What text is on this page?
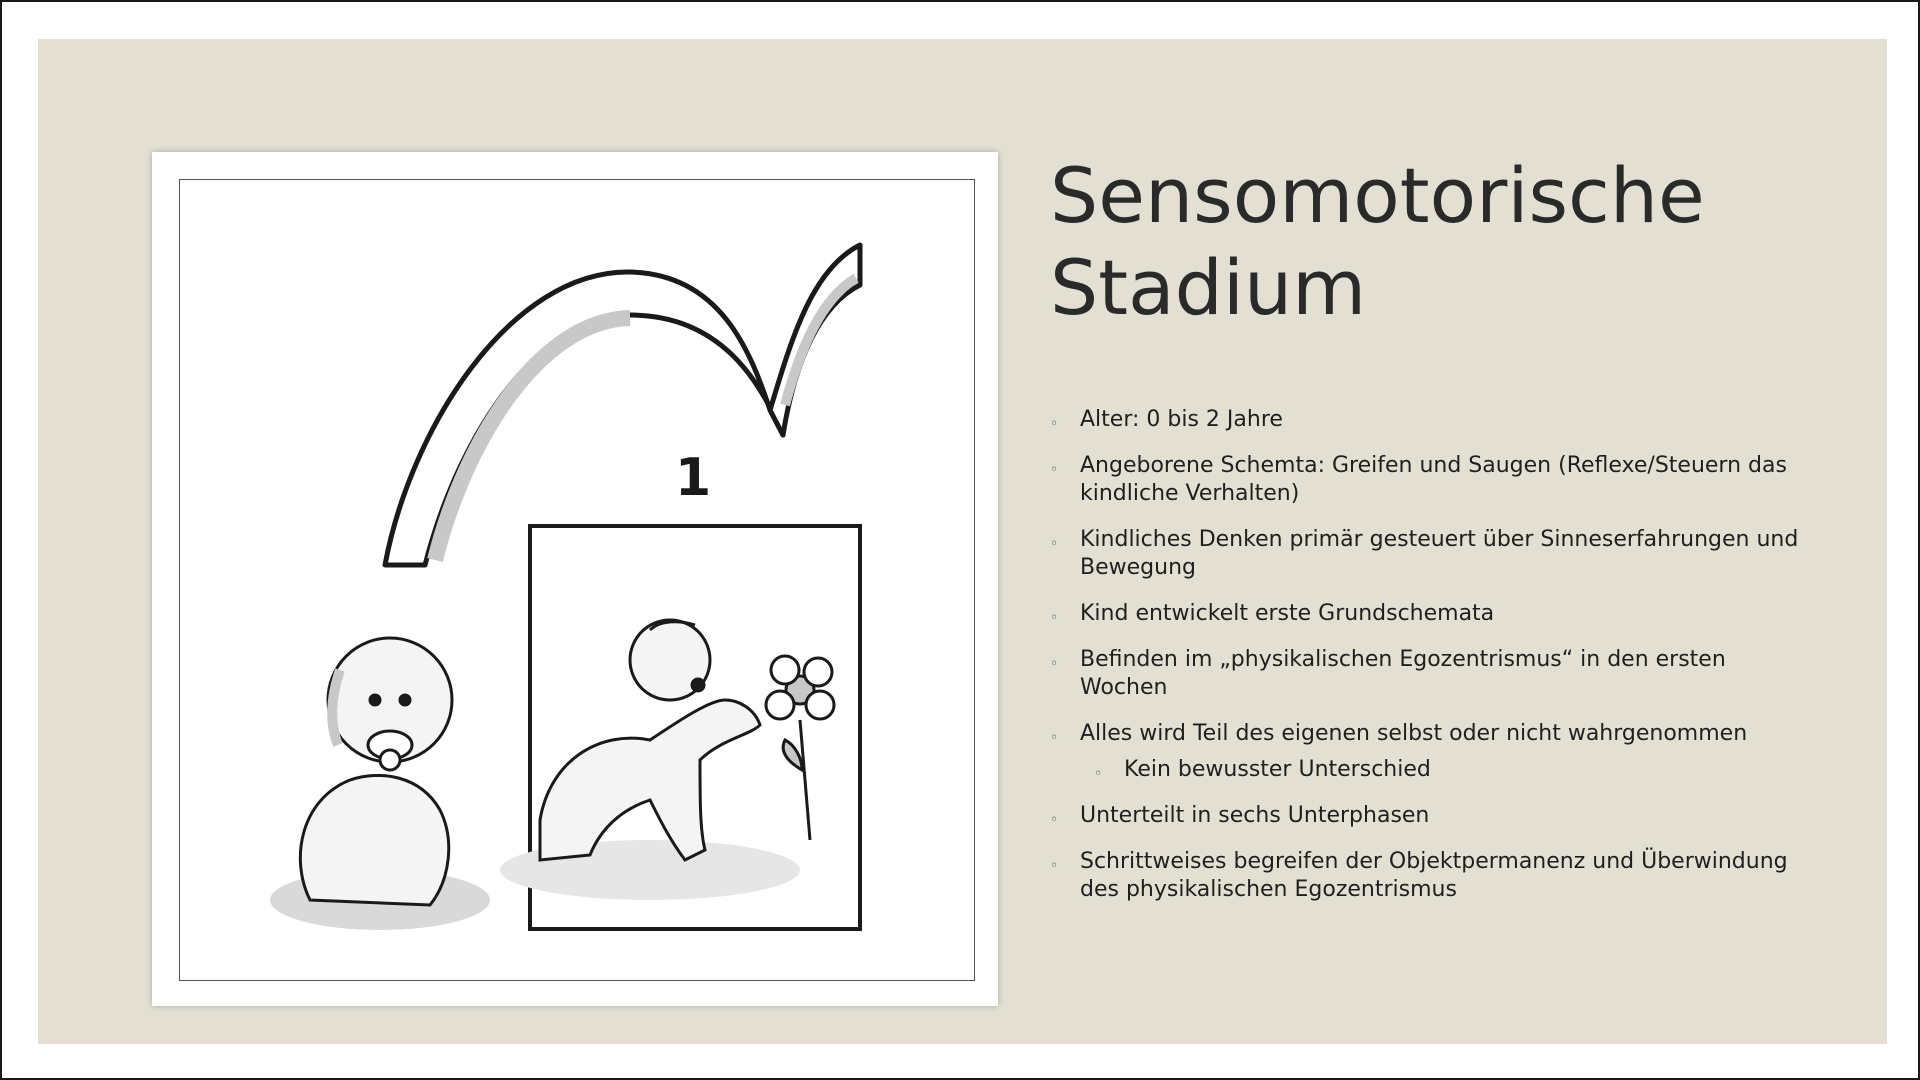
1
Sensomotorische
Stadium
◦ Alter: 0 bis 2 Jahre
◦ Angeborene Schemta: Greifen und Saugen (Reflexe/Steuern das kindliche Verhalten)
◦ Kindliches Denken primär gesteuert über Sinneserfahrungen und Bewegung
◦ Kind entwickelt erste Grundschemata
◦ Befinden im „physikalischen Egozentrismus“ in den ersten Wochen
◦ Alles wird Teil des eigenen selbst oder nicht wahrgenommen
◦ Kein bewusster Unterschied
◦ Unterteilt in sechs Unterphasen
◦ Schrittweises begreifen der Objektpermanenz und Überwindung des physikalischen Egozentrismus
